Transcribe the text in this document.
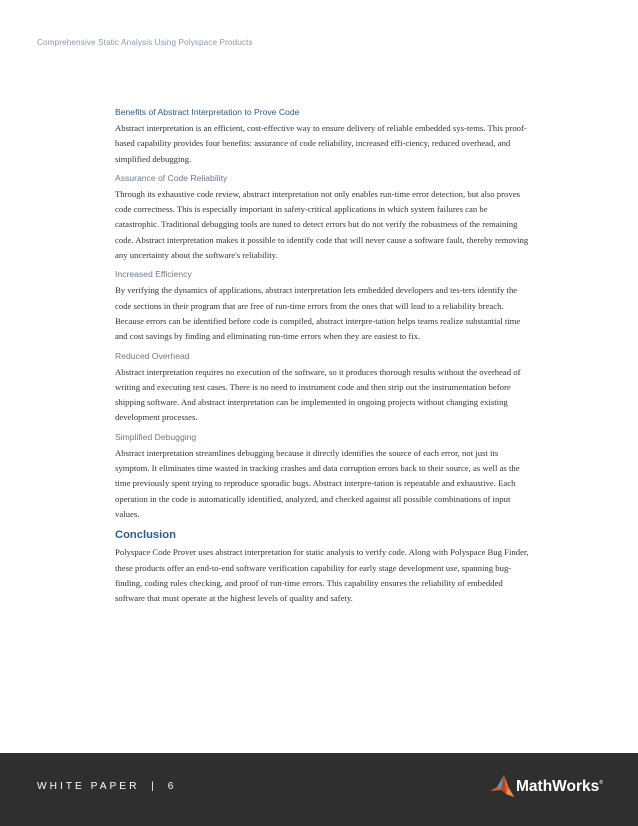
Comprehensive Static Analysis Using Polyspace Products
Benefits of Abstract Interpretation to Prove Code

Abstract interpretation is an efficient, cost-effective way to ensure delivery of reliable embedded sys-tems. This proof-based capability provides four benefits: assurance of code reliability, increased effi-ciency, reduced overhead, and simplified debugging.

Assurance of Code Reliability

Through its exhaustive code review, abstract interpretation not only enables run-time error detection, but also proves code correctness. This is especially important in safety-critical applications in which system failures can be catastrophic. Traditional debugging tools are tuned to detect errors but do not verify the robustness of the remaining code. Abstract interpretation makes it possible to identify code that will never cause a software fault, thereby removing any uncertainty about the software's reliability.

Increased Efficiency

By verifying the dynamics of applications, abstract interpretation lets embedded developers and tes-ters identify the code sections in their program that are free of run-time errors from the ones that will lead to a reliability breach. Because errors can be identified before code is compiled, abstract interpre-tation helps teams realize substantial time and cost savings by finding and eliminating run-time errors when they are easiest to fix.

Reduced Overhead

Abstract interpretation requires no execution of the software, so it produces thorough results without the overhead of writing and executing test cases. There is no need to instrument code and then strip out the instrumentation before shipping software. And abstract interpretation can be implemented in ongoing projects without changing existing development processes.

Simplified Debugging

Abstract interpretation streamlines debugging because it directly identifies the source of each error, not just its symptom. It eliminates time wasted in tracking crashes and data corruption errors back to their source, as well as the time previously spent trying to reproduce sporadic bugs. Abstract interpre-tation is repeatable and exhaustive. Each operation in the code is automatically identified, analyzed, and checked against all possible combinations of input values.

Conclusion

Polyspace Code Prover uses abstract interpretation for static analysis to verify code. Along with Polyspace Bug Finder, these products offer an end-to-end software verification capability for early stage development use, spanning bug-finding, coding rules checking, and proof of run-time errors. This capability ensures the reliability of embedded software that must operate at the highest levels of quality and safety.

WHITE PAPER | 6	MathWorks®
